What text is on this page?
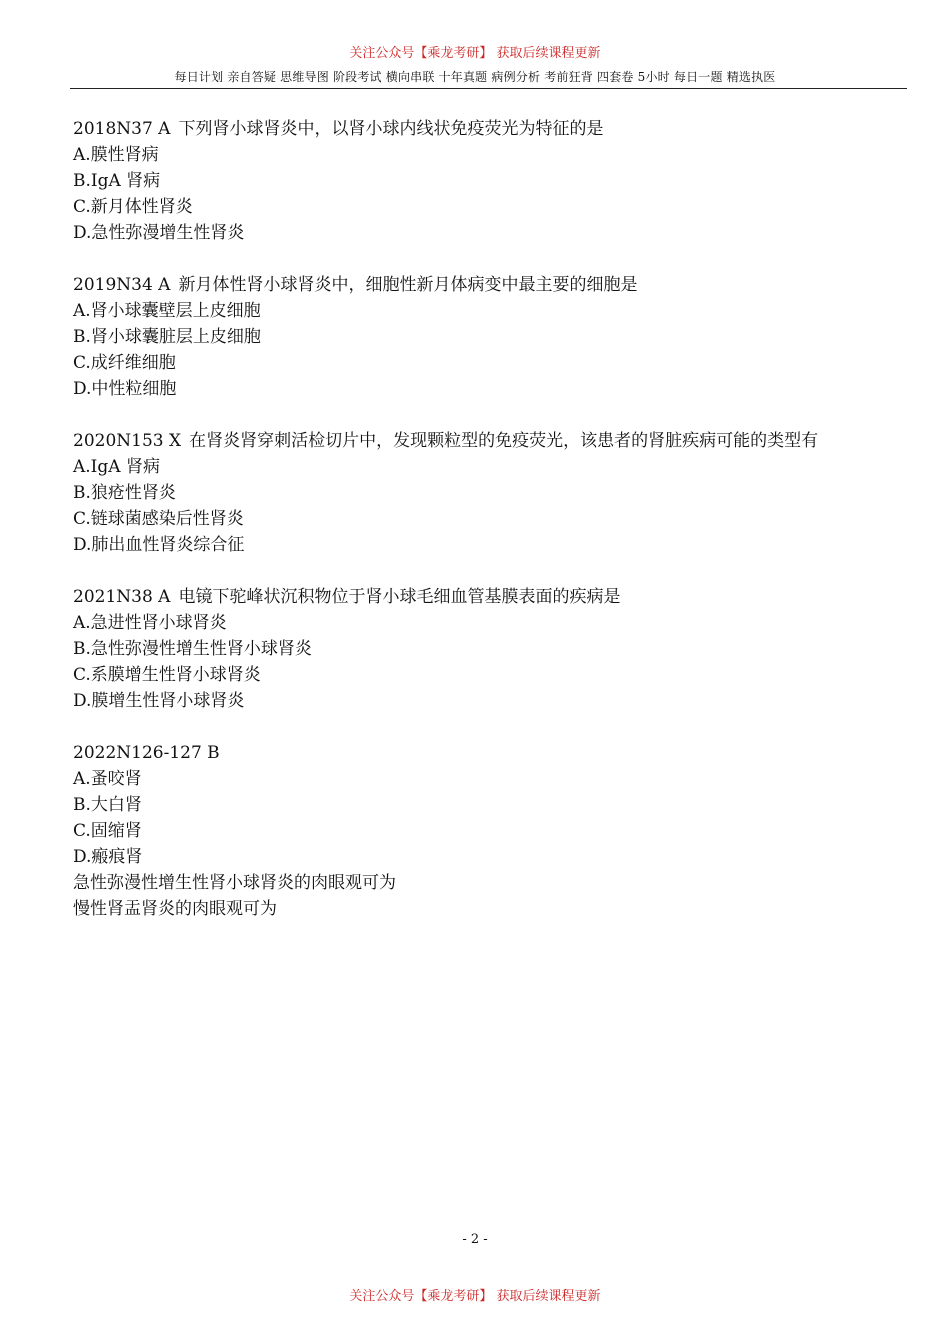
关注公众号【乘龙考研】 获取后续课程更新
每日计划 亲自答疑 思维导图 阶段考试 横向串联 十年真题 病例分析 考前狂背 四套卷 5小时 每日一题 精选执医
2018N37 A 下列肾小球肾炎中，以肾小球内线状免疫荧光为特征的是
A.膜性肾病
B.IgA 肾病
C.新月体性肾炎
D.急性弥漫增生性肾炎
2019N34 A 新月体性肾小球肾炎中，细胞性新月体病变中最主要的细胞是
A.肾小球囊壁层上皮细胞
B.肾小球囊脏层上皮细胞
C.成纤维细胞
D.中性粒细胞
2020N153 X 在肾炎肾穿刺活检切片中，发现颗粒型的免疫荧光，该患者的肾脏疾病可能的类型有
A.IgA 肾病
B.狼疮性肾炎
C.链球菌感染后性肾炎
D.肺出血性肾炎综合征
2021N38 A 电镜下驼峰状沉积物位于肾小球毛细血管基膜表面的疾病是
A.急进性肾小球肾炎
B.急性弥漫性增生性肾小球肾炎
C.系膜增生性肾小球肾炎
D.膜增生性肾小球肾炎
2022N126-127 B
A.蚤咬肾
B.大白肾
C.固缩肾
D.瘢痕肾
急性弥漫性增生性肾小球肾炎的肉眼观可为
慢性肾盂肾炎的肉眼观可为
- 2 -
关注公众号【乘龙考研】 获取后续课程更新
